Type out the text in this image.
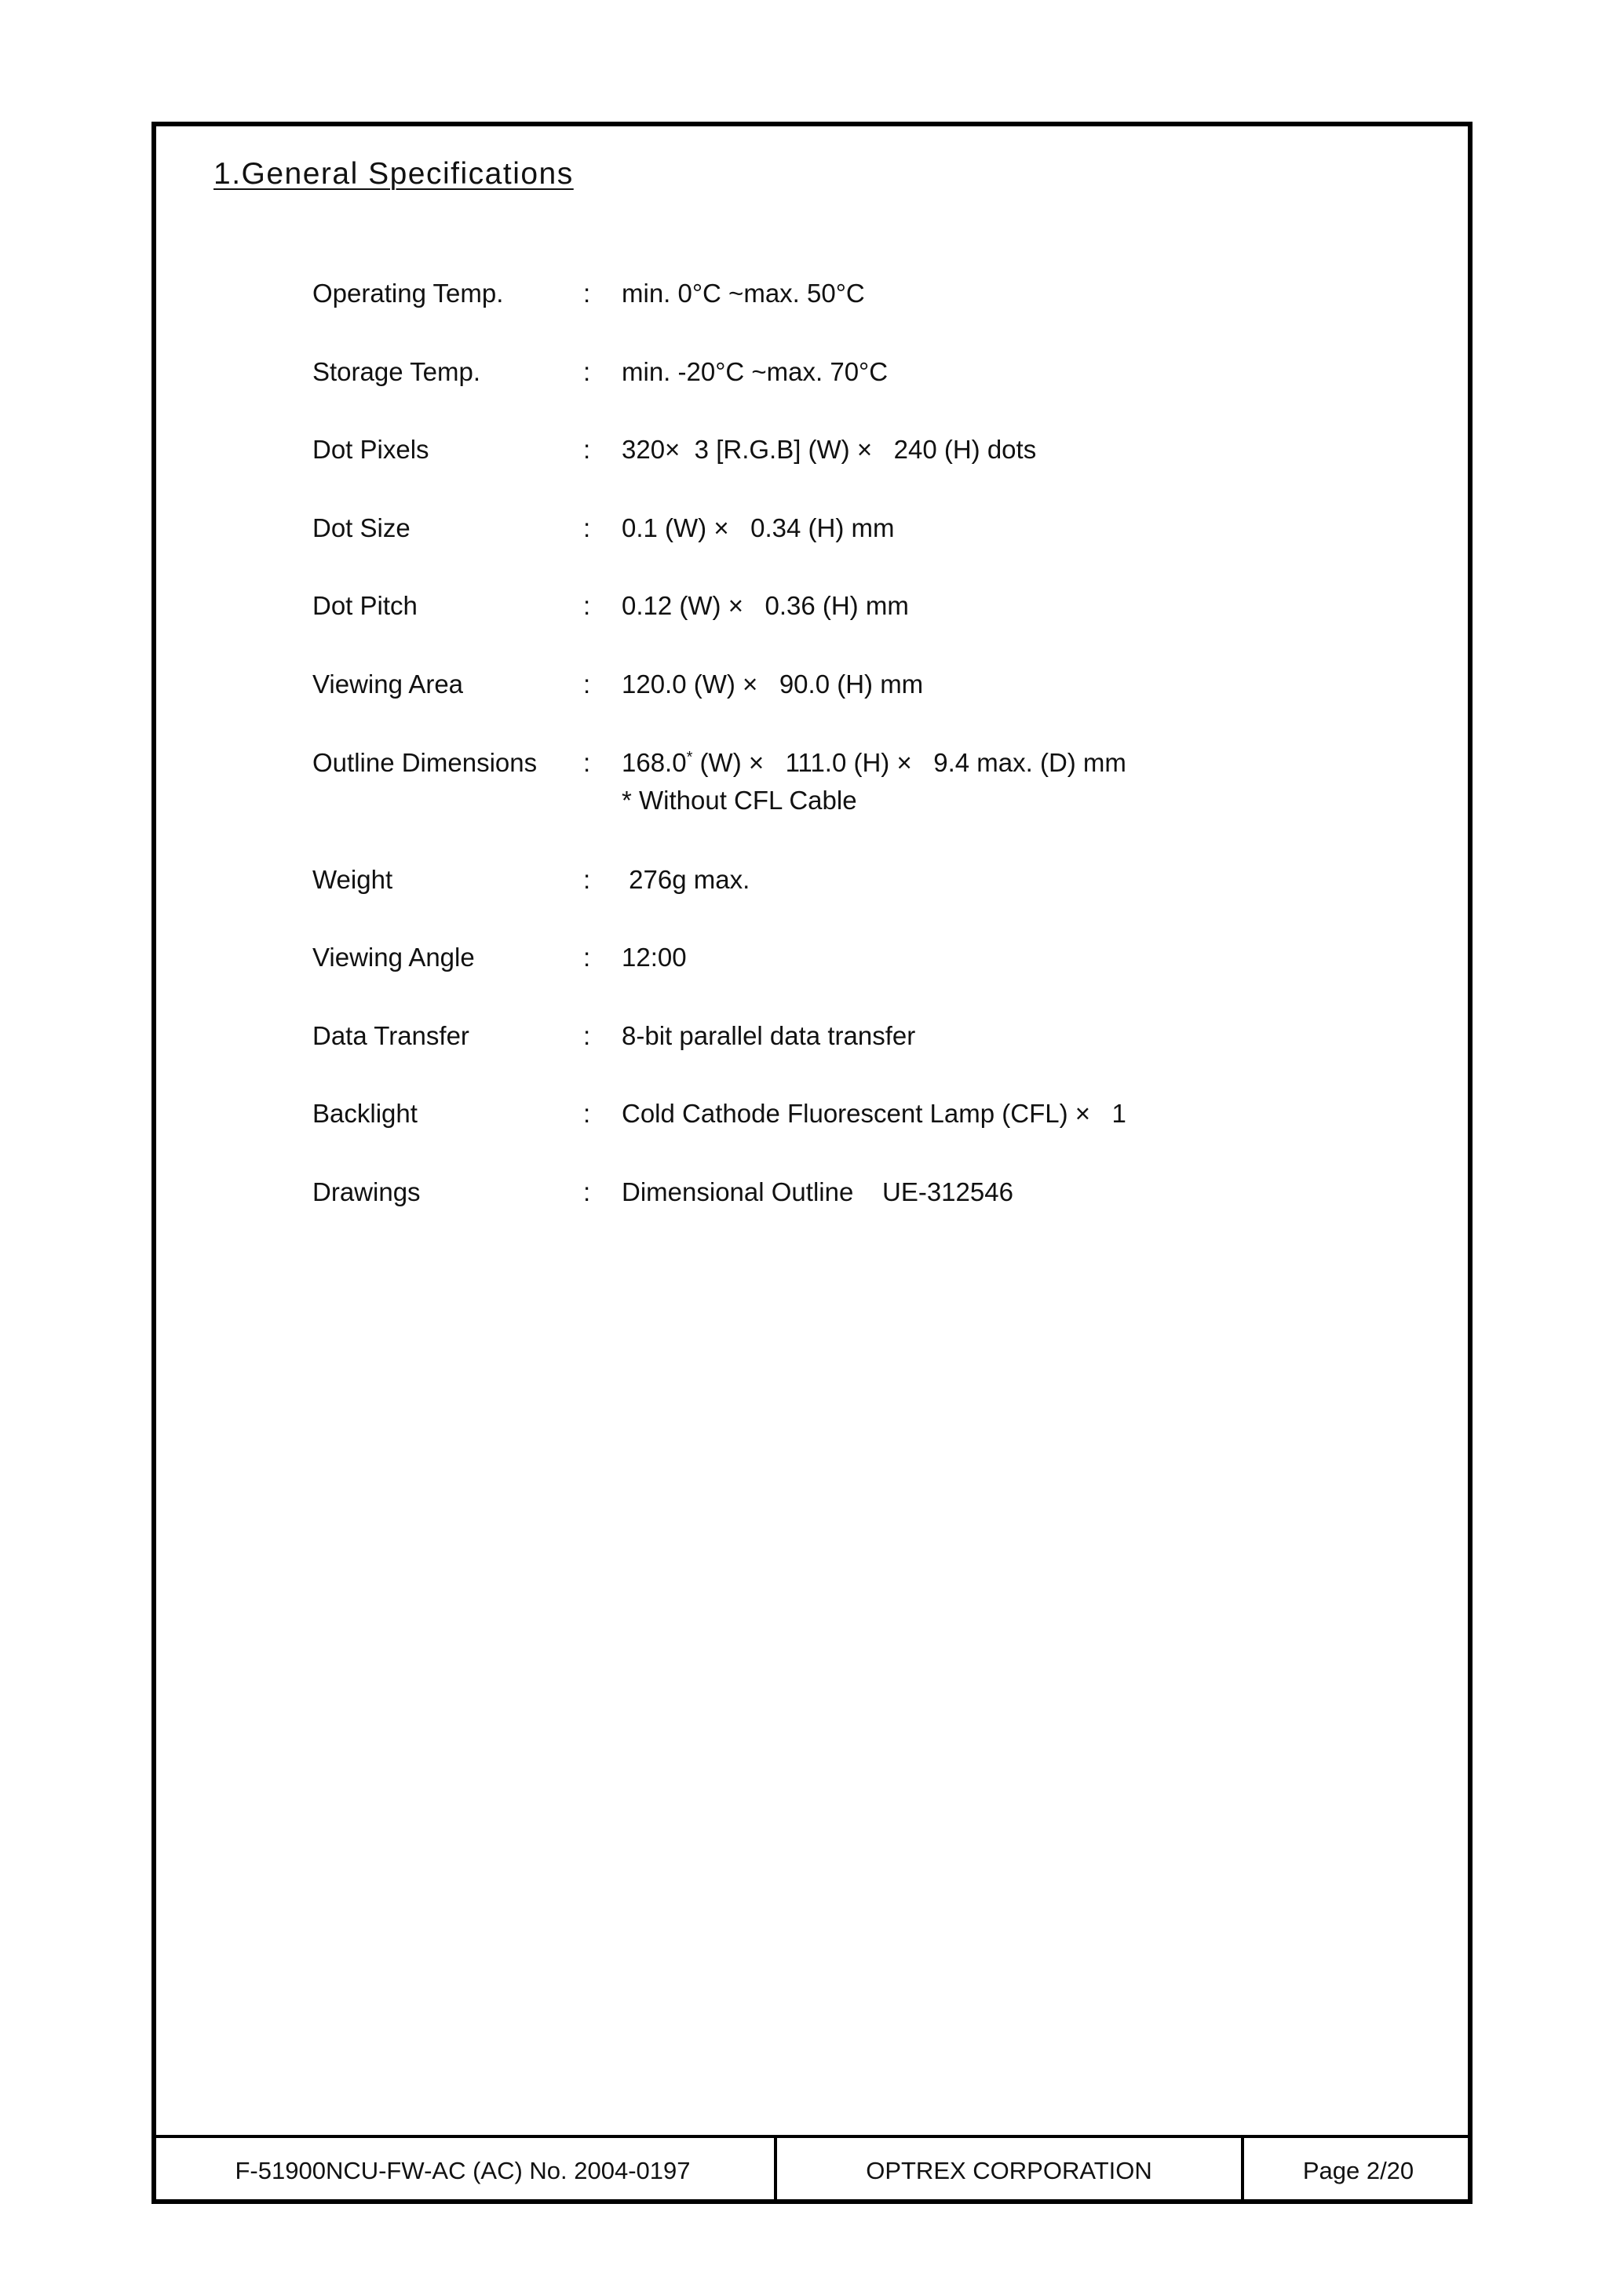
1.General Specifications
Operating Temp.	: min. 0°C ~max. 50°C
Storage Temp.	: min. -20°C ~max. 70°C
Dot Pixels	: 320×  3 [R.G.B] (W) ×   240 (H) dots
Dot Size	: 0.1 (W) ×   0.34 (H) mm
Dot Pitch	: 0.12 (W) ×   0.36 (H) mm
Viewing Area	: 120.0 (W) ×   90.0 (H) mm
Outline Dimensions : 168.0* (W) ×   111.0 (H) ×   9.4 max. (D) mm
* Without CFL Cable
Weight	: 276g max.
Viewing Angle	: 12:00
Data Transfer	: 8-bit parallel data transfer
Backlight	: Cold Cathode Fluorescent Lamp (CFL) ×   1
Drawings	: Dimensional Outline    UE-312546
F-51900NCU-FW-AC (AC) No. 2004-0197	OPTREX CORPORATION	Page 2/20
